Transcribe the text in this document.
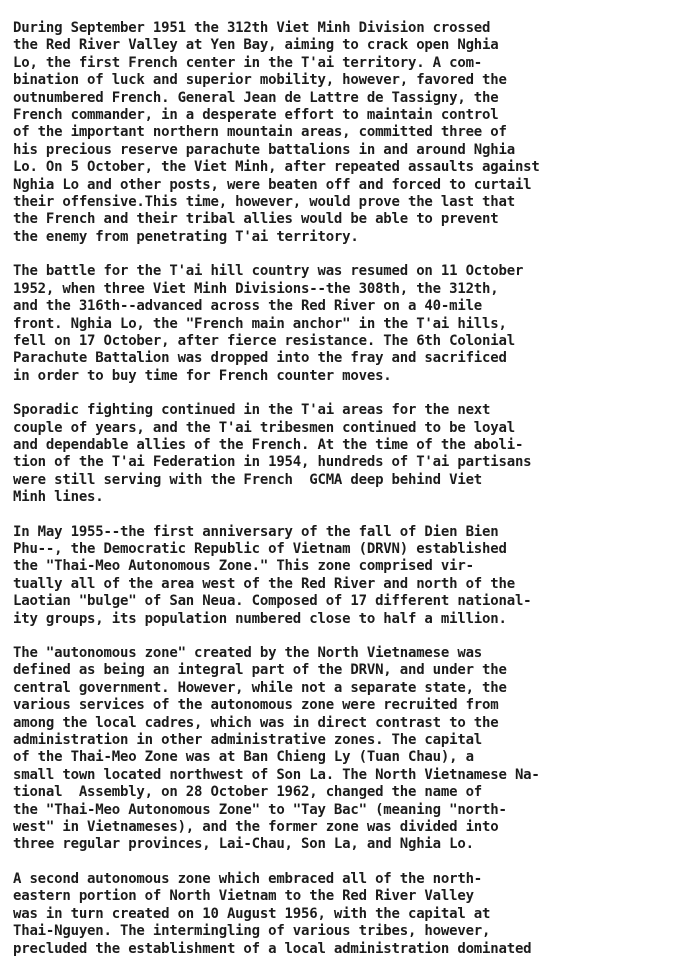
During September 1951 the 312th Viet Minh Division crossed
the Red River Valley at Yen Bay, aiming to crack open Nghia
Lo, the first French center in the T'ai territory. A com-
bination of luck and superior mobility, however, favored the
outnumbered French. General Jean de Lattre de Tassigny, the
French commander, in a desperate effort to maintain control
of the important northern mountain areas, committed three of
his precious reserve parachute battalions in and around Nghia
Lo. On 5 October, the Viet Minh, after repeated assaults against
Nghia Lo and other posts, were beaten off and forced to curtail
their offensive.This time, however, would prove the last that
the French and their tribal allies would be able to prevent
the enemy from penetrating T'ai territory.
The battle for the T'ai hill country was resumed on 11 October
1952, when three Viet Minh Divisions--the 308th, the 312th,
and the 316th--advanced across the Red River on a 40-mile
front. Nghia Lo, the "French main anchor" in the T'ai hills,
fell on 17 October, after fierce resistance. The 6th Colonial
Parachute Battalion was dropped into the fray and sacrificed
in order to buy time for French counter moves.
Sporadic fighting continued in the T'ai areas for the next
couple of years, and the T'ai tribesmen continued to be loyal
and dependable allies of the French. At the time of the aboli-
tion of the T'ai Federation in 1954, hundreds of T'ai partisans
were still serving with the French  GCMA deep behind Viet
Minh lines.
In May 1955--the first anniversary of the fall of Dien Bien
Phu--, the Democratic Republic of Vietnam (DRVN) established
the "Thai-Meo Autonomous Zone." This zone comprised vir-
tually all of the area west of the Red River and north of the
Laotian "bulge" of San Neua. Composed of 17 different national-
ity groups, its population numbered close to half a million.
The "autonomous zone" created by the North Vietnamese was
defined as being an integral part of the DRVN, and under the
central government. However, while not a separate state, the
various services of the autonomous zone were recruited from
among the local cadres, which was in direct contrast to the
administration in other administrative zones. The capital
of the Thai-Meo Zone was at Ban Chieng Ly (Tuan Chau), a
small town located northwest of Son La. The North Vietnamese Na-
tional  Assembly, on 28 October 1962, changed the name of
the "Thai-Meo Autonomous Zone" to "Tay Bac" (meaning "north-
west" in Vietnameses), and the former zone was divided into
three regular provinces, Lai-Chau, Son La, and Nghia Lo.
A second autonomous zone which embraced all of the north-
eastern portion of North Vietnam to the Red River Valley
was in turn created on 10 August 1956, with the capital at
Thai-Nguyen. The intermingling of various tribes, however,
precluded the establishment of a local administration dominated
